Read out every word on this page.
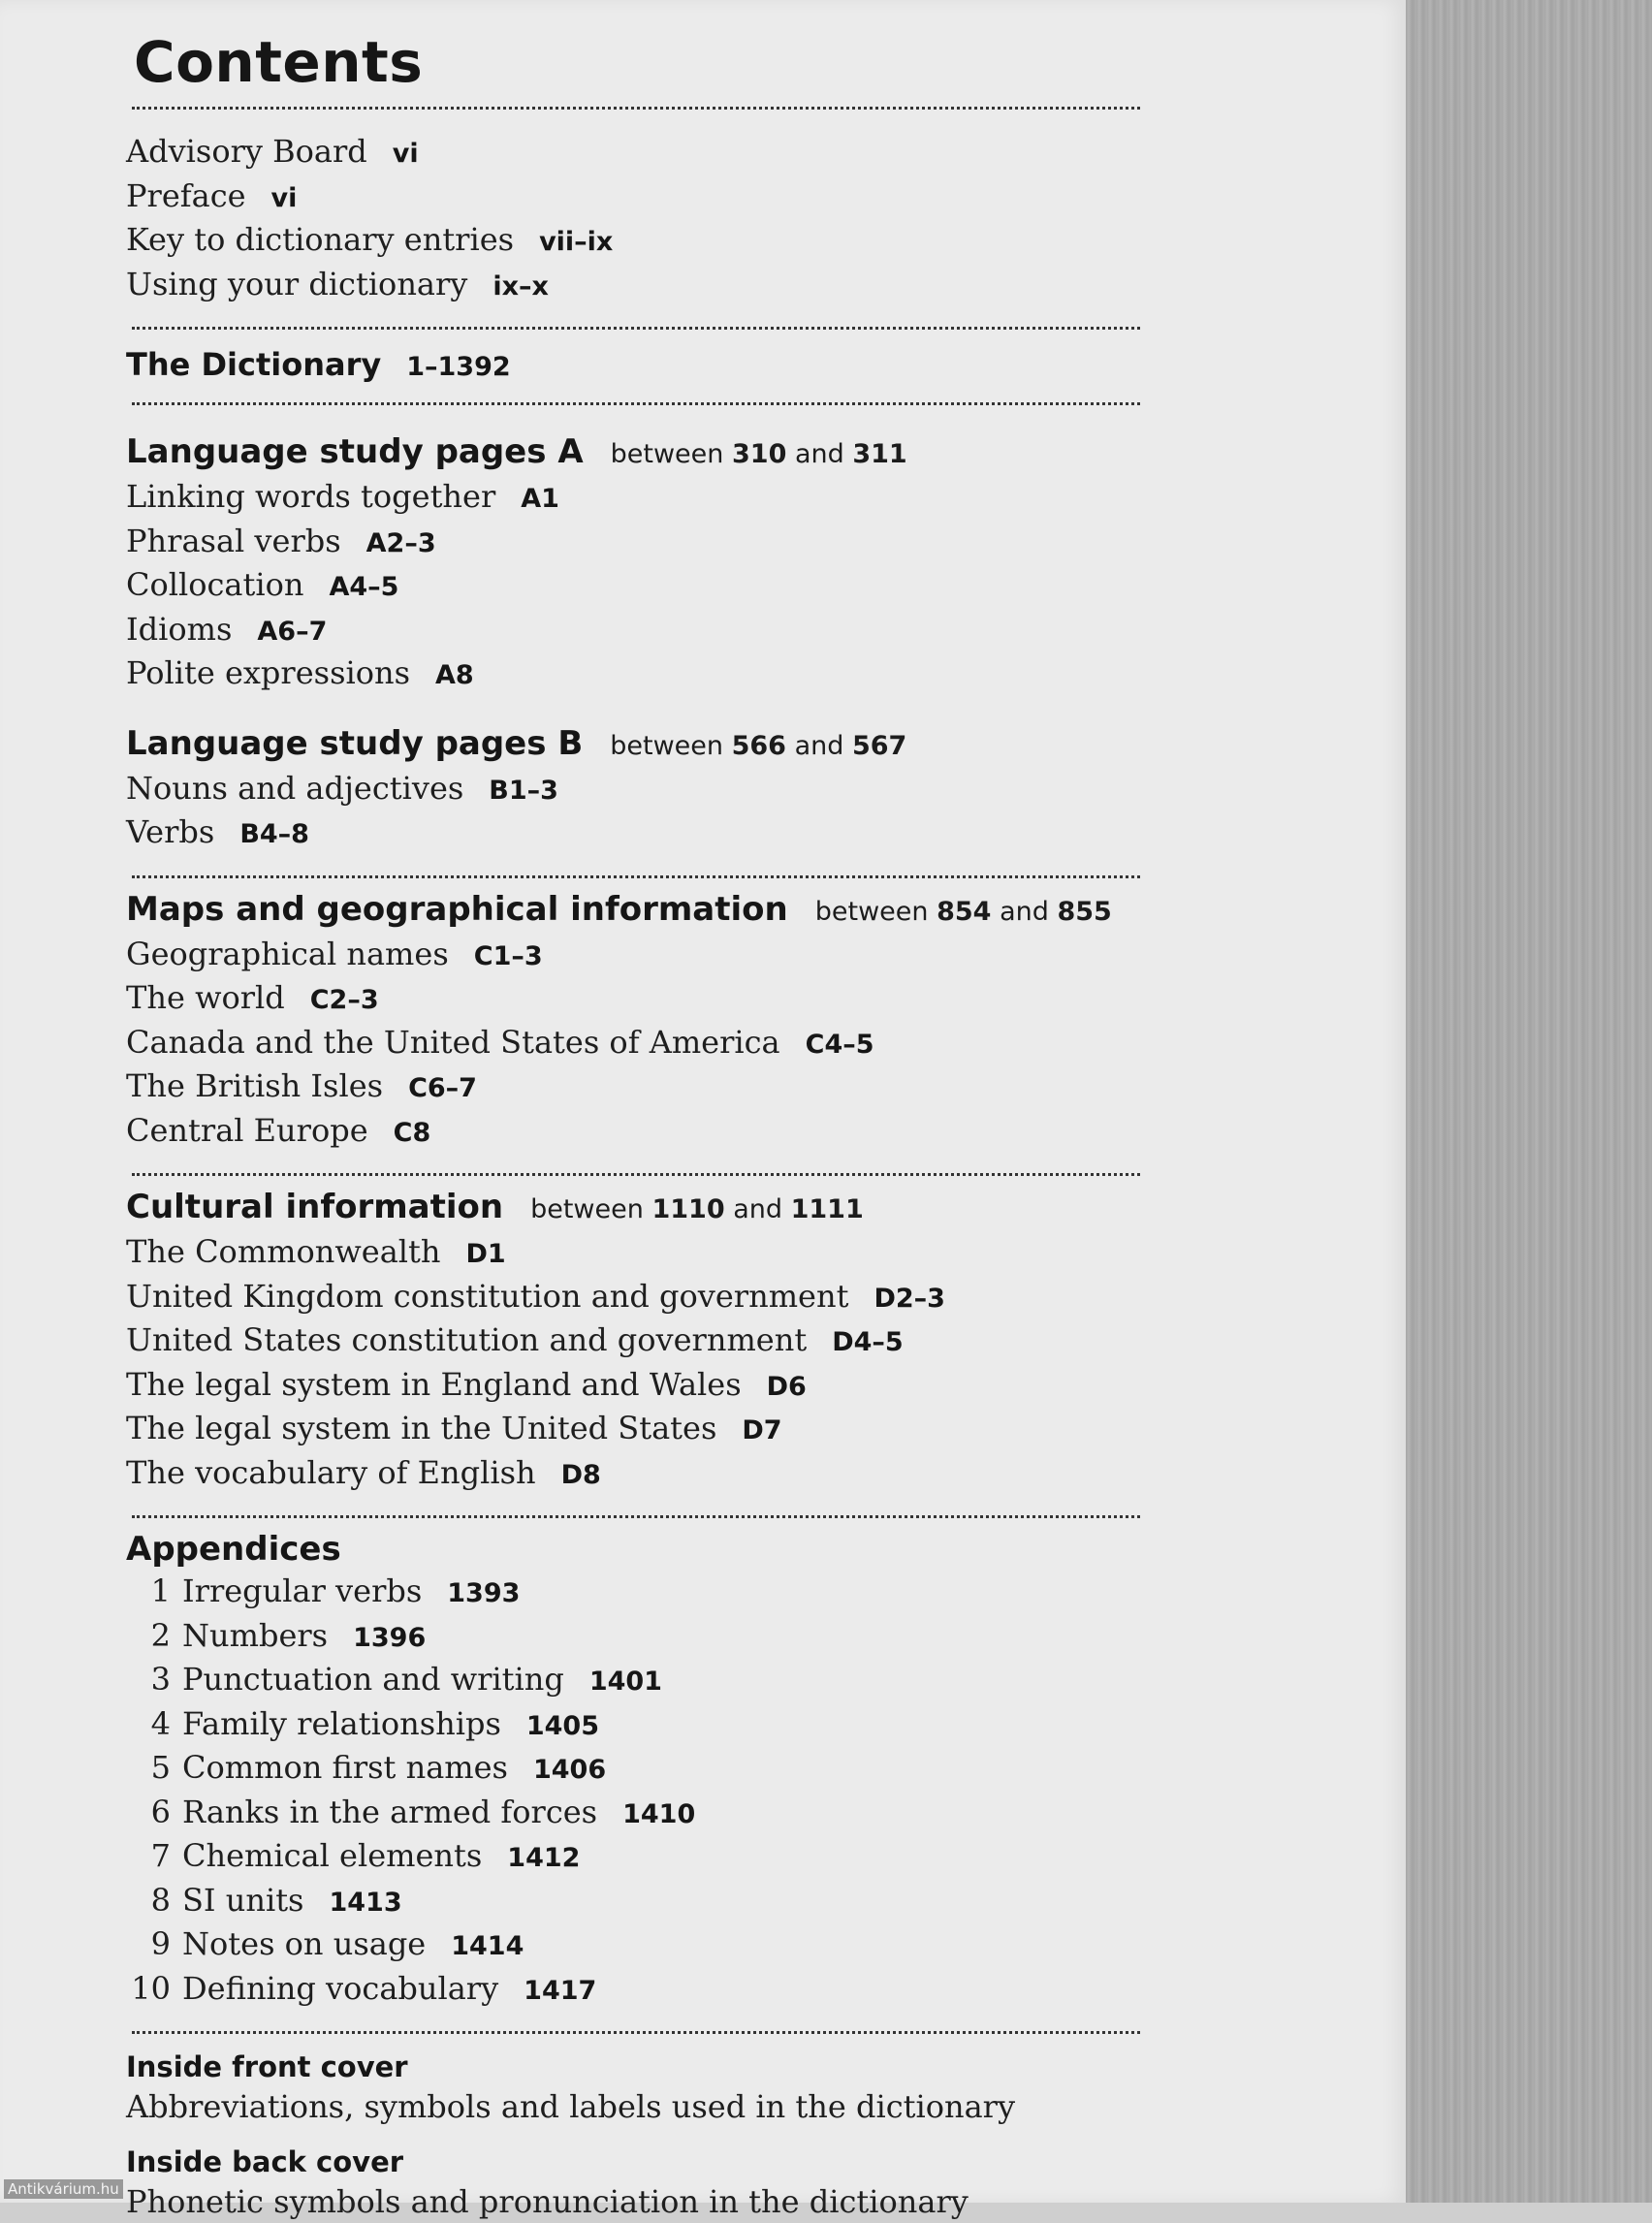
Contents
Advisory Board vi
Preface vi
Key to dictionary entries vii–ix
Using your dictionary ix–x
The Dictionary 1–1392
Language study pages A between 310 and 311
Linking words together A1
Phrasal verbs A2–3
Collocation A4–5
Idioms A6–7
Polite expressions A8
Language study pages B between 566 and 567
Nouns and adjectives B1–3
Verbs B4–8
Maps and geographical information between 854 and 855
Geographical names C1–3
The world C2–3
Canada and the United States of America C4–5
The British Isles C6–7
Central Europe C8
Cultural information between 1110 and 1111
The Commonwealth D1
United Kingdom constitution and government D2–3
United States constitution and government D4–5
The legal system in England and Wales D6
The legal system in the United States D7
The vocabulary of English D8
Appendices
1 Irregular verbs 1393
2 Numbers 1396
3 Punctuation and writing 1401
4 Family relationships 1405
5 Common first names 1406
6 Ranks in the armed forces 1410
7 Chemical elements 1412
8 SI units 1413
9 Notes on usage 1414
10 Defining vocabulary 1417
Inside front cover
Abbreviations, symbols and labels used in the dictionary
Inside back cover
Phonetic symbols and pronunciation in the dictionary
Antikvárium.hu
